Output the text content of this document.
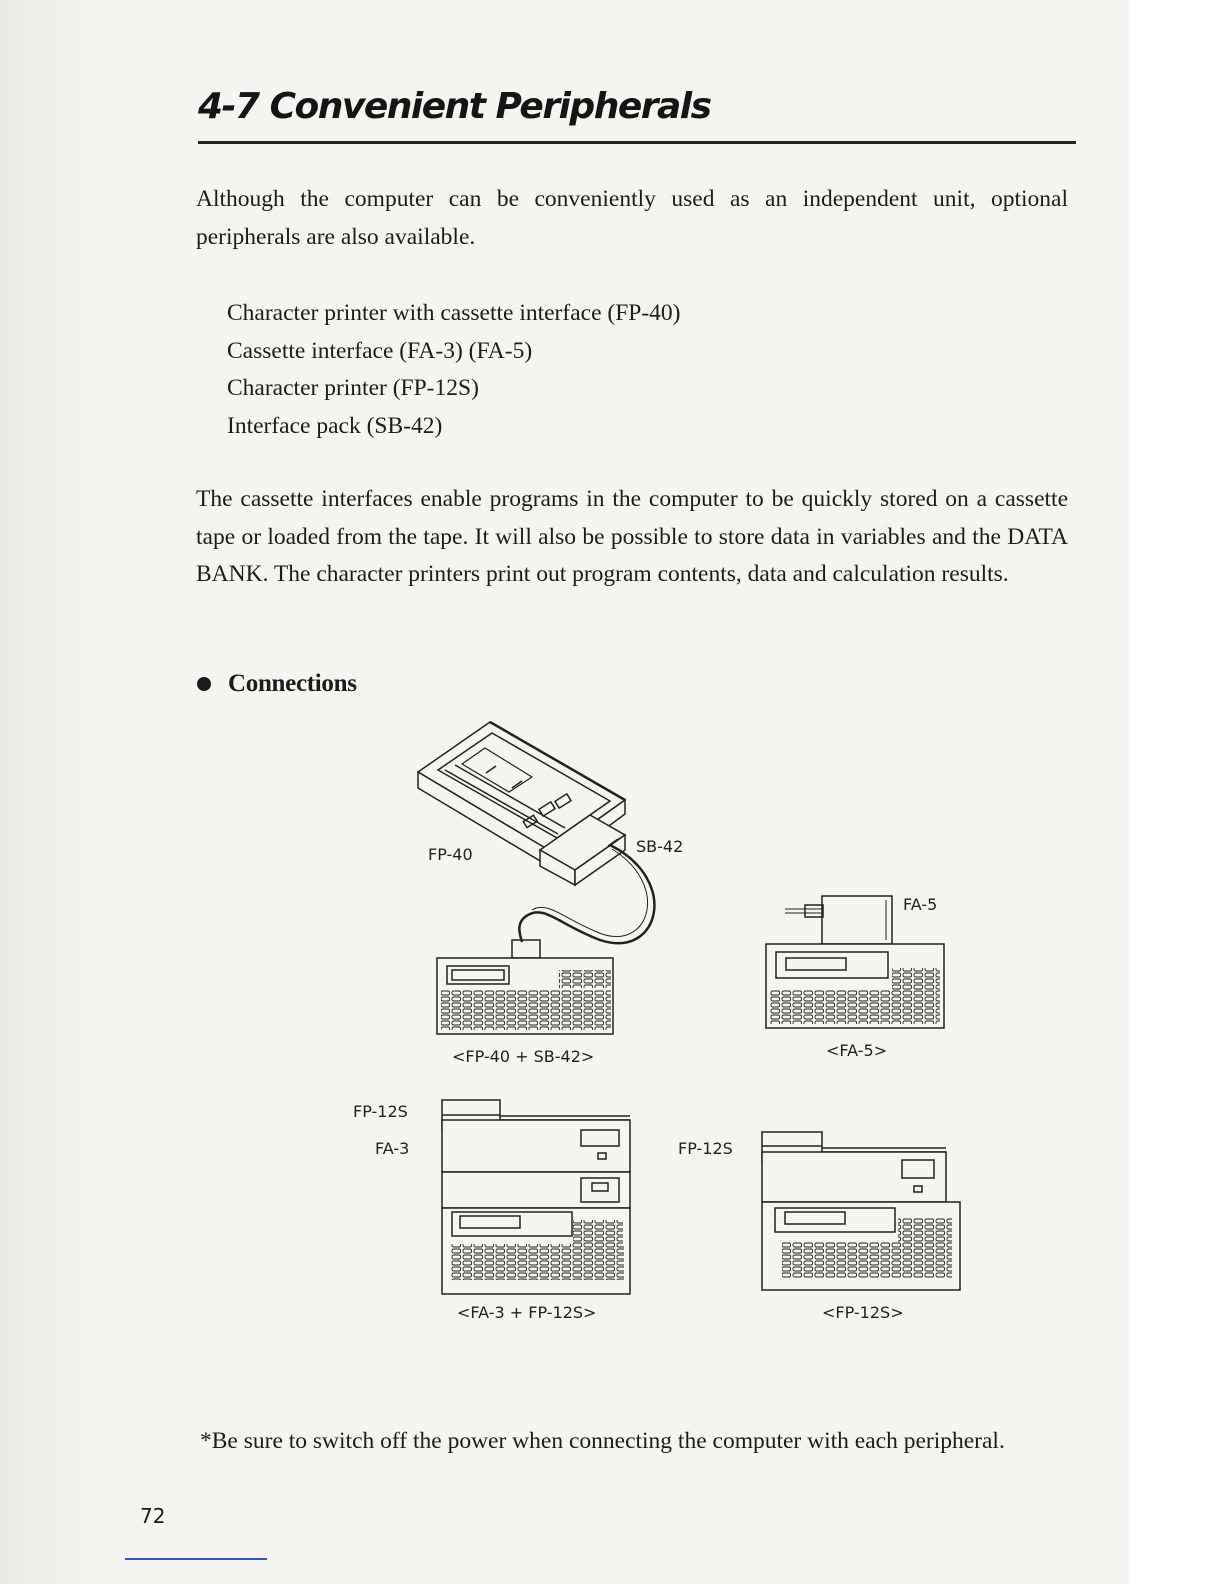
4-7 Convenient Peripherals

Although the computer can be conveniently used as an independent unit, optional peripherals are also available.

Character printer with cassette interface (FP-40)
Cassette interface (FA-3) (FA-5)
Character printer (FP-12S)
Interface pack (SB-42)

The cassette interfaces enable programs in the computer to be quickly stored on a cassette tape or loaded from the tape. It will also be possible to store data in variables and the DATA BANK. The character printers print out program contents, data and calculation results.

Connections
FP-40	SB-42
<FP-40 + SB-42>
FA-5
<FA-5>
FP-12S
FA-3
<FA-3 + FP-12S>
FP-12S
<FP-12S>

*Be sure to switch off the power when connecting the computer with each peripheral.

72
